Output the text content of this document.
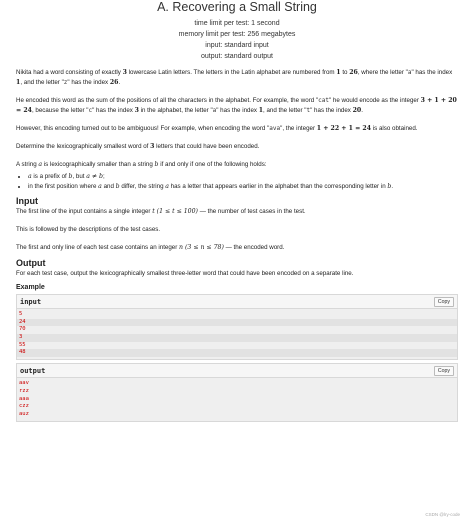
A. Recovering a Small String
time limit per test: 1 second
memory limit per test: 256 megabytes
input: standard input
output: standard output

Nikita had a word consisting of exactly 3 lowercase Latin letters. The letters in the Latin alphabet are numbered from 1 to 26, where the letter "a" has the index 1, and the letter "z" has the index 26.

He encoded this word as the sum of the positions of all the characters in the alphabet. For example, the word "cat" he would encode as the integer 3 + 1 + 20 = 24, because the letter "c" has the index 3 in the alphabet, the letter "a" has the index 1, and the letter "t" has the index 20.

However, this encoding turned out to be ambiguous! For example, when encoding the word "ava", the integer 1 + 22 + 1 = 24 is also obtained.

Determine the lexicographically smallest word of 3 letters that could have been encoded.

A string a is lexicographically smaller than a string b if and only if one of the following holds:

• a is a prefix of b, but a ≠ b;
• in the first position where a and b differ, the string a has a letter that appears earlier in the alphabet than the corresponding letter in b.
Input

The first line of the input contains a single integer t (1 ≤ t ≤ 100) — the number of test cases in the test.

This is followed by the descriptions of the test cases.

The first and only line of each test case contains an integer n (3 ≤ n ≤ 78) — the encoded word.

Output

For each test case, output the lexicographically smallest three-letter word that could have been encoded on a separate line.

Example
input	Copy
5
24
70
3
55
48
output	Copy
aav
rzz
aaa
czz
auz
CSDN @lry-code
